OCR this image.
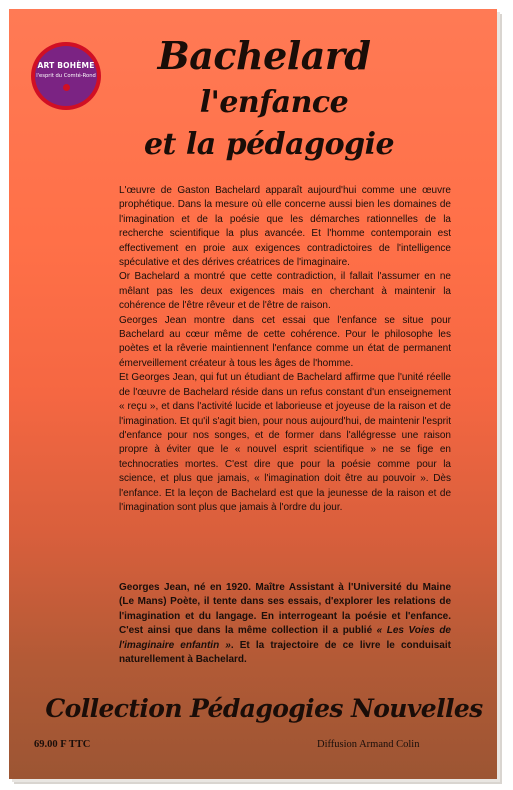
ART BOHÈME
l'esprit du Comté-Rond	Bachelard
l'enfance
et la pédagogie

L'œuvre de Gaston Bachelard apparaît aujourd'hui comme une œuvre prophétique. Dans la mesure où elle concerne aussi bien les domaines de l'imagination et de la poésie que les démarches rationnelles de la recherche scientifique la plus avancée. Et l'homme contemporain est effectivement en proie aux exigences contradictoires de l'intelligence spéculative et des dérives créatrices de l'imaginaire.

Or Bachelard a montré que cette contradiction, il fallait l'assumer en ne mêlant pas les deux exigences mais en cherchant à maintenir la cohérence de l'être rêveur et de l'être de raison.

Georges Jean montre dans cet essai que l'enfance se situe pour Bachelard au cœur même de cette cohérence. Pour le philosophe les poètes et la rêverie maintiennent l'enfance comme un état de permanent émerveillement créateur à tous les âges de l'homme.

Et Georges Jean, qui fut un étudiant de Bachelard affirme que l'unité réelle de l'œuvre de Bachelard réside dans un refus constant d'un enseignement « reçu », et dans l'activité lucide et laborieuse et joyeuse de la raison et de l'imagination. Et qu'il s'agit bien, pour nous aujourd'hui, de maintenir l'esprit d'enfance pour nos songes, et de former dans l'allégresse une raison propre à éviter que le « nouvel esprit scientifique » ne se fige en technocraties mortes. C'est dire que pour la poésie comme pour la science, et plus que jamais, « l'imagination doit être au pouvoir ». Dès l'enfance. Et la leçon de Bachelard est que la jeunesse de la raison et de l'imagination sont plus que jamais à l'ordre du jour.

Georges Jean, né en 1920. Maître Assistant à l'Université du Maine (Le Mans) Poète, il tente dans ses essais, d'explorer les relations de l'imagination et du langage. En interrogeant la poésie et l'enfance. C'est ainsi que dans la même collection il a publié « Les Voies de l'imaginaire enfantin ». Et la trajectoire de ce livre le conduisait naturellement à Bachelard.

Collection Pédagogies Nouvelles
69.00 F TTC	Diffusion Armand Colin
